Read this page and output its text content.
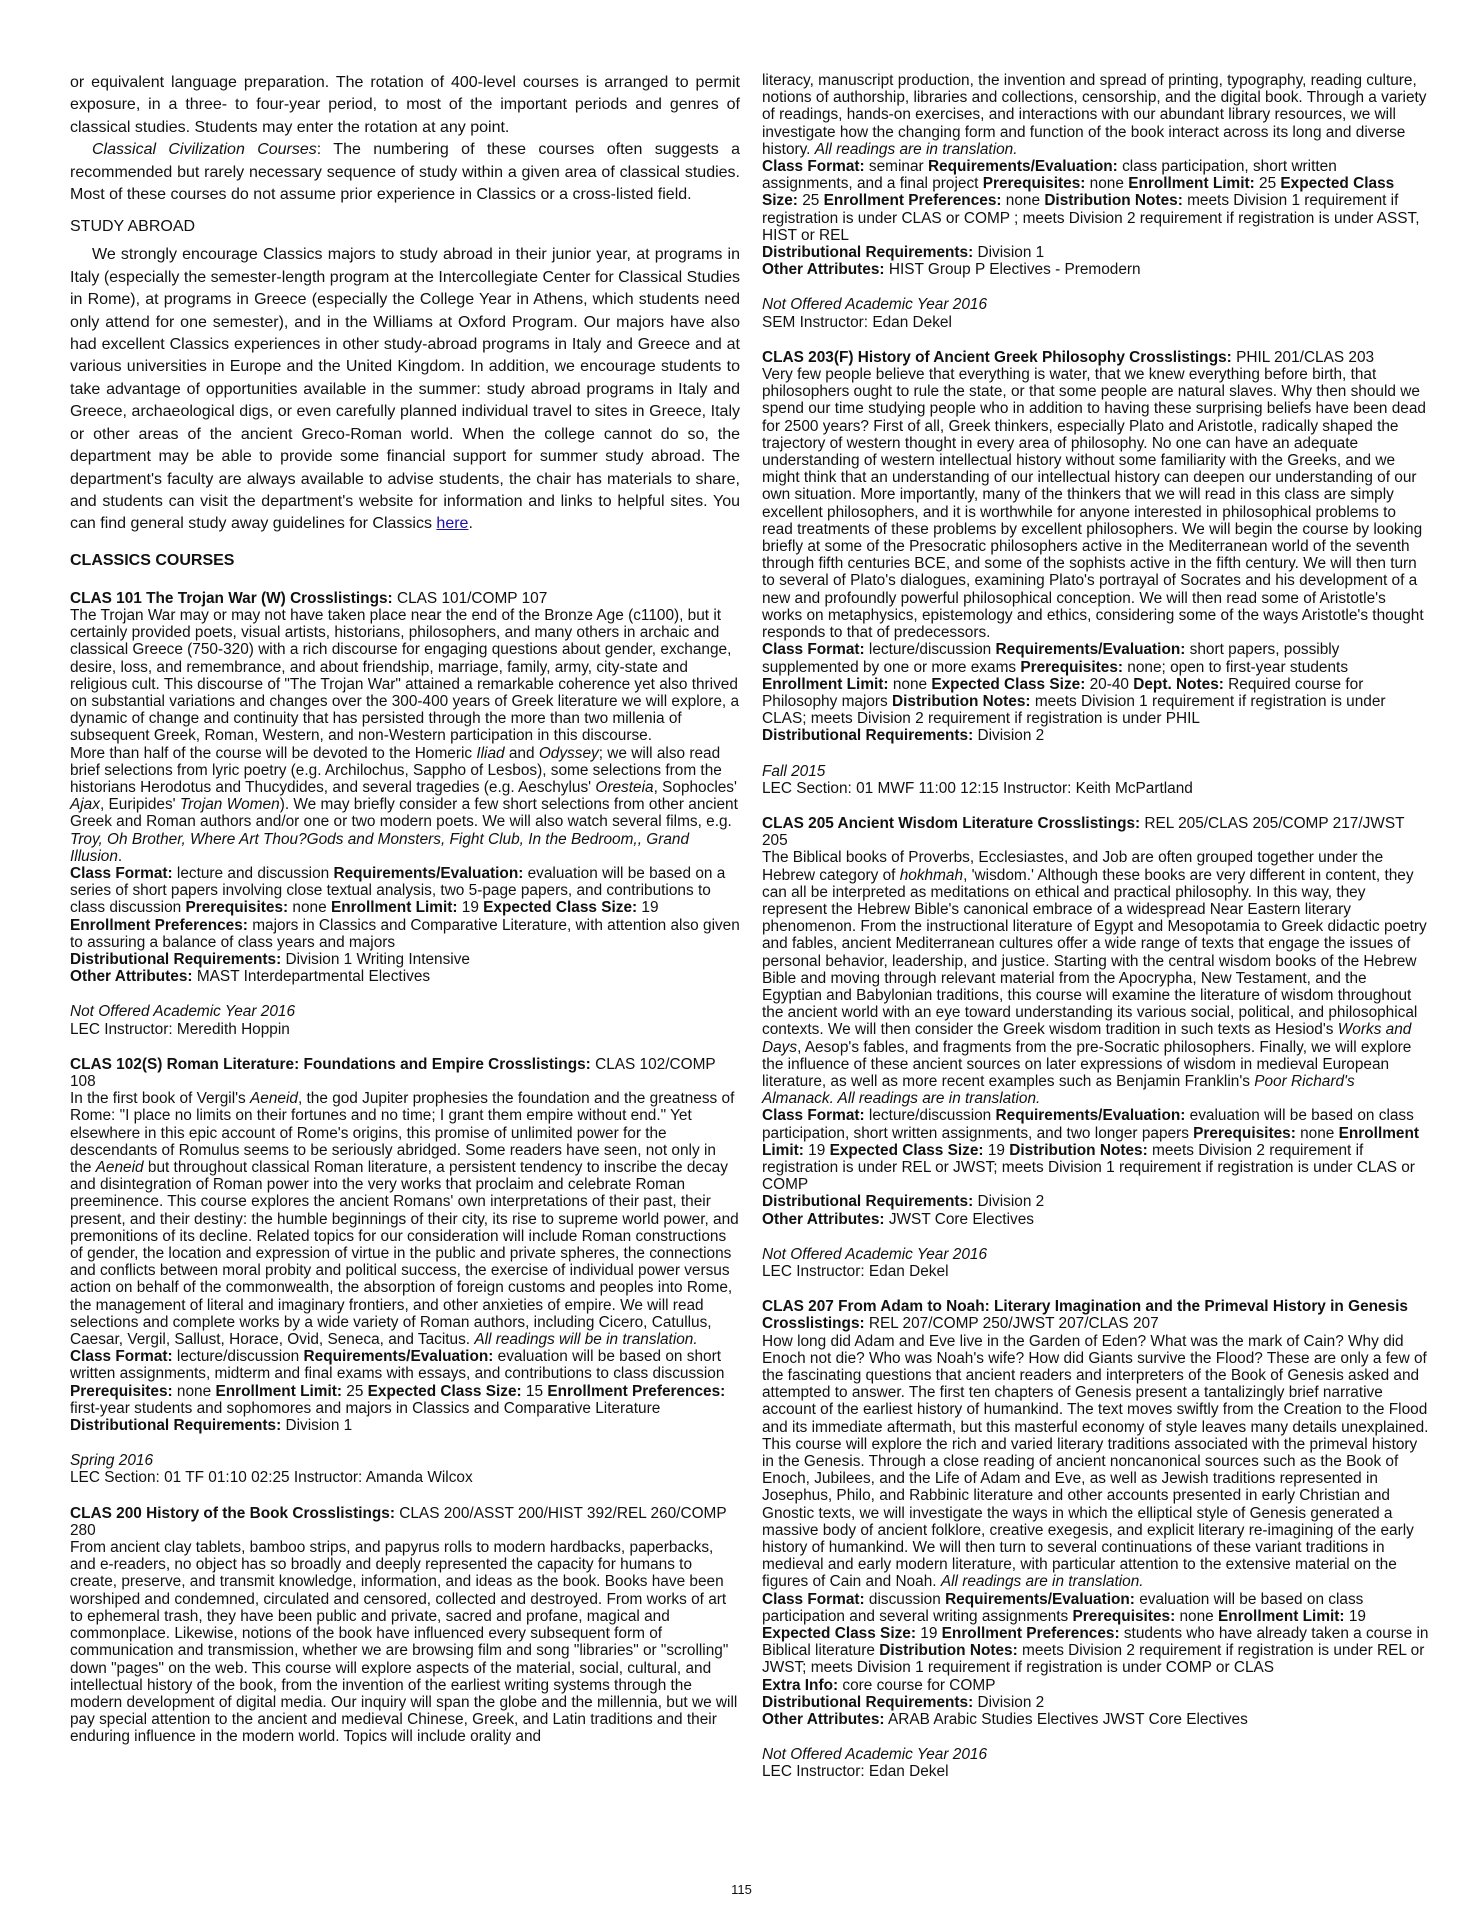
or equivalent language preparation. The rotation of 400-level courses is arranged to permit exposure, in a three- to four-year period, to most of the important periods and genres of classical studies. Students may enter the rotation at any point.

Classical Civilization Courses: The numbering of these courses often suggests a recommended but rarely necessary sequence of study within a given area of classical studies. Most of these courses do not assume prior experience in Classics or a cross-listed field.

STUDY ABROAD

We strongly encourage Classics majors to study abroad in their junior year, at programs in Italy (especially the semester-length program at the Intercollegiate Center for Classical Studies in Rome), at programs in Greece (especially the College Year in Athens, which students need only attend for one semester), and in the Williams at Oxford Program. Our majors have also had excellent Classics experiences in other study-abroad programs in Italy and Greece and at various universities in Europe and the United Kingdom. In addition, we encourage students to take advantage of opportunities available in the summer: study abroad programs in Italy and Greece, archaeological digs, or even carefully planned individual travel to sites in Greece, Italy or other areas of the ancient Greco-Roman world. When the college cannot do so, the department may be able to provide some financial support for summer study abroad. The department's faculty are always available to advise students, the chair has materials to share, and students can visit the department's website for information and links to helpful sites. You can find general study away guidelines for Classics here.

CLASSICS COURSES
CLAS 101 The Trojan War (W) Crosslistings: CLAS 101/COMP 107
The Trojan War may or may not have taken place near the end of the Bronze Age (c1100), but it certainly provided poets, visual artists, historians, philosophers, and many others in archaic and classical Greece (750-320) with a rich discourse for engaging questions about gender, exchange, desire, loss, and remembrance, and about friendship, marriage, family, army, city-state and religious cult. This discourse of "The Trojan War" attained a remarkable coherence yet also thrived on substantial variations and changes over the 300-400 years of Greek literature we will explore, a dynamic of change and continuity that has persisted through the more than two millenia of subsequent Greek, Roman, Western, and non-Western participation in this discourse.
More than half of the course will be devoted to the Homeric Iliad and Odyssey; we will also read brief selections from lyric poetry (e.g. Archilochus, Sappho of Lesbos), some selections from the historians Herodotus and Thucydides, and several tragedies (e.g. Aeschylus' Oresteia, Sophocles' Ajax, Euripides' Trojan Women). We may briefly consider a few short selections from other ancient Greek and Roman authors and/or one or two modern poets. We will also watch several films, e.g. Troy, Oh Brother, Where Art Thou?Gods and Monsters, Fight Club, In the Bedroom,, Grand Illusion.
Class Format: lecture and discussion Requirements/Evaluation: evaluation will be based on a series of short papers involving close textual analysis, two 5-page papers, and contributions to class discussion Prerequisites: none Enrollment Limit: 19 Expected Class Size: 19 Enrollment Preferences: majors in Classics and Comparative Literature, with attention also given to assuring a balance of class years and majors
Distributional Requirements: Division 1 Writing Intensive
Other Attributes: MAST Interdepartmental Electives
Not Offered Academic Year 2016
LEC Instructor: Meredith Hoppin
CLAS 102(S) Roman Literature: Foundations and Empire Crosslistings: CLAS 102/COMP 108
In the first book of Vergil's Aeneid, the god Jupiter prophesies the foundation and the greatness of Rome: "I place no limits on their fortunes and no time; I grant them empire without end." Yet elsewhere in this epic account of Rome's origins, this promise of unlimited power for the descendants of Romulus seems to be seriously abridged. Some readers have seen, not only in the Aeneid but throughout classical Roman literature, a persistent tendency to inscribe the decay and disintegration of Roman power into the very works that proclaim and celebrate Roman preeminence. This course explores the ancient Romans' own interpretations of their past, their present, and their destiny: the humble beginnings of their city, its rise to supreme world power, and premonitions of its decline. Related topics for our consideration will include Roman constructions of gender, the location and expression of virtue in the public and private spheres, the connections and conflicts between moral probity and political success, the exercise of individual power versus action on behalf of the commonwealth, the absorption of foreign customs and peoples into Rome, the management of literal and imaginary frontiers, and other anxieties of empire. We will read selections and complete works by a wide variety of Roman authors, including Cicero, Catullus, Caesar, Vergil, Sallust, Horace, Ovid, Seneca, and Tacitus. All readings will be in translation.
Class Format: lecture/discussion Requirements/Evaluation: evaluation will be based on short written assignments, midterm and final exams with essays, and contributions to class discussion Prerequisites: none Enrollment Limit: 25 Expected Class Size: 15 Enrollment Preferences: first-year students and sophomores and majors in Classics and Comparative Literature
Distributional Requirements: Division 1
Spring 2016
LEC Section: 01 TF 01:10 02:25 Instructor: Amanda Wilcox
CLAS 200 History of the Book Crosslistings: CLAS 200/ASST 200/HIST 392/REL 260/COMP 280
From ancient clay tablets, bamboo strips, and papyrus rolls to modern hardbacks, paperbacks, and e-readers, no object has so broadly and deeply represented the capacity for humans to create, preserve, and transmit knowledge, information, and ideas as the book. Books have been worshiped and condemned, circulated and censored, collected and destroyed. From works of art to ephemeral trash, they have been public and private, sacred and profane, magical and commonplace. Likewise, notions of the book have influenced every subsequent form of communication and transmission, whether we are browsing film and song "libraries" or "scrolling" down "pages" on the web. This course will explore aspects of the material, social, cultural, and intellectual history of the book, from the invention of the earliest writing systems through the modern development of digital media. Our inquiry will span the globe and the millennia, but we will pay special attention to the ancient and medieval Chinese, Greek, and Latin traditions and their enduring influence in the modern world. Topics will include orality and
literacy, manuscript production, the invention and spread of printing, typography, reading culture, notions of authorship, libraries and collections, censorship, and the digital book. Through a variety of readings, hands-on exercises, and interactions with our abundant library resources, we will investigate how the changing form and function of the book interact across its long and diverse history. All readings are in translation.
Class Format: seminar Requirements/Evaluation: class participation, short written assignments, and a final project Prerequisites: none Enrollment Limit: 25 Expected Class Size: 25 Enrollment Preferences: none Distribution Notes: meets Division 1 requirement if registration is under CLAS or COMP ; meets Division 2 requirement if registration is under ASST, HIST or REL
Distributional Requirements: Division 1
Other Attributes: HIST Group P Electives - Premodern
Not Offered Academic Year 2016
SEM Instructor: Edan Dekel
CLAS 203(F) History of Ancient Greek Philosophy Crosslistings: PHIL 201/CLAS 203
Very few people believe that everything is water, that we knew everything before birth, that philosophers ought to rule the state, or that some people are natural slaves. Why then should we spend our time studying people who in addition to having these surprising beliefs have been dead for 2500 years? First of all, Greek thinkers, especially Plato and Aristotle, radically shaped the trajectory of western thought in every area of philosophy. No one can have an adequate understanding of western intellectual history without some familiarity with the Greeks, and we might think that an understanding of our intellectual history can deepen our understanding of our own situation. More importantly, many of the thinkers that we will read in this class are simply excellent philosophers, and it is worthwhile for anyone interested in philosophical problems to read treatments of these problems by excellent philosophers. We will begin the course by looking briefly at some of the Presocratic philosophers active in the Mediterranean world of the seventh through fifth centuries BCE, and some of the sophists active in the fifth century. We will then turn to several of Plato's dialogues, examining Plato's portrayal of Socrates and his development of a new and profoundly powerful philosophical conception. We will then read some of Aristotle's works on metaphysics, epistemology and ethics, considering some of the ways Aristotle's thought responds to that of predecessors.
Class Format: lecture/discussion Requirements/Evaluation: short papers, possibly supplemented by one or more exams Prerequisites: none; open to first-year students Enrollment Limit: none Expected Class Size: 20-40 Dept. Notes: Required course for Philosophy majors Distribution Notes: meets Division 1 requirement if registration is under CLAS; meets Division 2 requirement if registration is under PHIL
Distributional Requirements: Division 2
Fall 2015
LEC Section: 01 MWF 11:00 12:15 Instructor: Keith McPartland
CLAS 205 Ancient Wisdom Literature Crosslistings: REL 205/CLAS 205/COMP 217/JWST 205
The Biblical books of Proverbs, Ecclesiastes, and Job are often grouped together under the Hebrew category of hokhmah, 'wisdom.' Although these books are very different in content, they can all be interpreted as meditations on ethical and practical philosophy. In this way, they represent the Hebrew Bible's canonical embrace of a widespread Near Eastern literary phenomenon. From the instructional literature of Egypt and Mesopotamia to Greek didactic poetry and fables, ancient Mediterranean cultures offer a wide range of texts that engage the issues of personal behavior, leadership, and justice. Starting with the central wisdom books of the Hebrew Bible and moving through relevant material from the Apocrypha, New Testament, and the Egyptian and Babylonian traditions, this course will examine the literature of wisdom throughout the ancient world with an eye toward understanding its various social, political, and philosophical contexts. We will then consider the Greek wisdom tradition in such texts as Hesiod's Works and Days, Aesop's fables, and fragments from the pre-Socratic philosophers. Finally, we will explore the influence of these ancient sources on later expressions of wisdom in medieval European literature, as well as more recent examples such as Benjamin Franklin's Poor Richard's Almanack. All readings are in translation.
Class Format: lecture/discussion Requirements/Evaluation: evaluation will be based on class participation, short written assignments, and two longer papers Prerequisites: none Enrollment Limit: 19 Expected Class Size: 19 Distribution Notes: meets Division 2 requirement if registration is under REL or JWST; meets Division 1 requirement if registration is under CLAS or COMP
Distributional Requirements: Division 2
Other Attributes: JWST Core Electives
Not Offered Academic Year 2016
LEC Instructor: Edan Dekel
CLAS 207 From Adam to Noah: Literary Imagination and the Primeval History in Genesis
Crosslistings: REL 207/COMP 250/JWST 207/CLAS 207
How long did Adam and Eve live in the Garden of Eden? What was the mark of Cain? Why did Enoch not die? Who was Noah's wife? How did Giants survive the Flood? These are only a few of the fascinating questions that ancient readers and interpreters of the Book of Genesis asked and attempted to answer. The first ten chapters of Genesis present a tantalizingly brief narrative account of the earliest history of humankind. The text moves swiftly from the Creation to the Flood and its immediate aftermath, but this masterful economy of style leaves many details unexplained. This course will explore the rich and varied literary traditions associated with the primeval history in the Genesis. Through a close reading of ancient noncanonical sources such as the Book of Enoch, Jubilees, and the Life of Adam and Eve, as well as Jewish traditions represented in Josephus, Philo, and Rabbinic literature and other accounts presented in early Christian and Gnostic texts, we will investigate the ways in which the elliptical style of Genesis generated a massive body of ancient folklore, creative exegesis, and explicit literary re-imagining of the early history of humankind. We will then turn to several continuations of these variant traditions in medieval and early modern literature, with particular attention to the extensive material on the figures of Cain and Noah. All readings are in translation.
Class Format: discussion Requirements/Evaluation: evaluation will be based on class participation and several writing assignments Prerequisites: none Enrollment Limit: 19 Expected Class Size: 19 Enrollment Preferences: students who have already taken a course in Biblical literature Distribution Notes: meets Division 2 requirement if registration is under REL or JWST; meets Division 1 requirement if registration is under COMP or CLAS
Extra Info: core course for COMP
Distributional Requirements: Division 2
Other Attributes: ARAB Arabic Studies Electives JWST Core Electives
Not Offered Academic Year 2016
LEC Instructor: Edan Dekel
115
